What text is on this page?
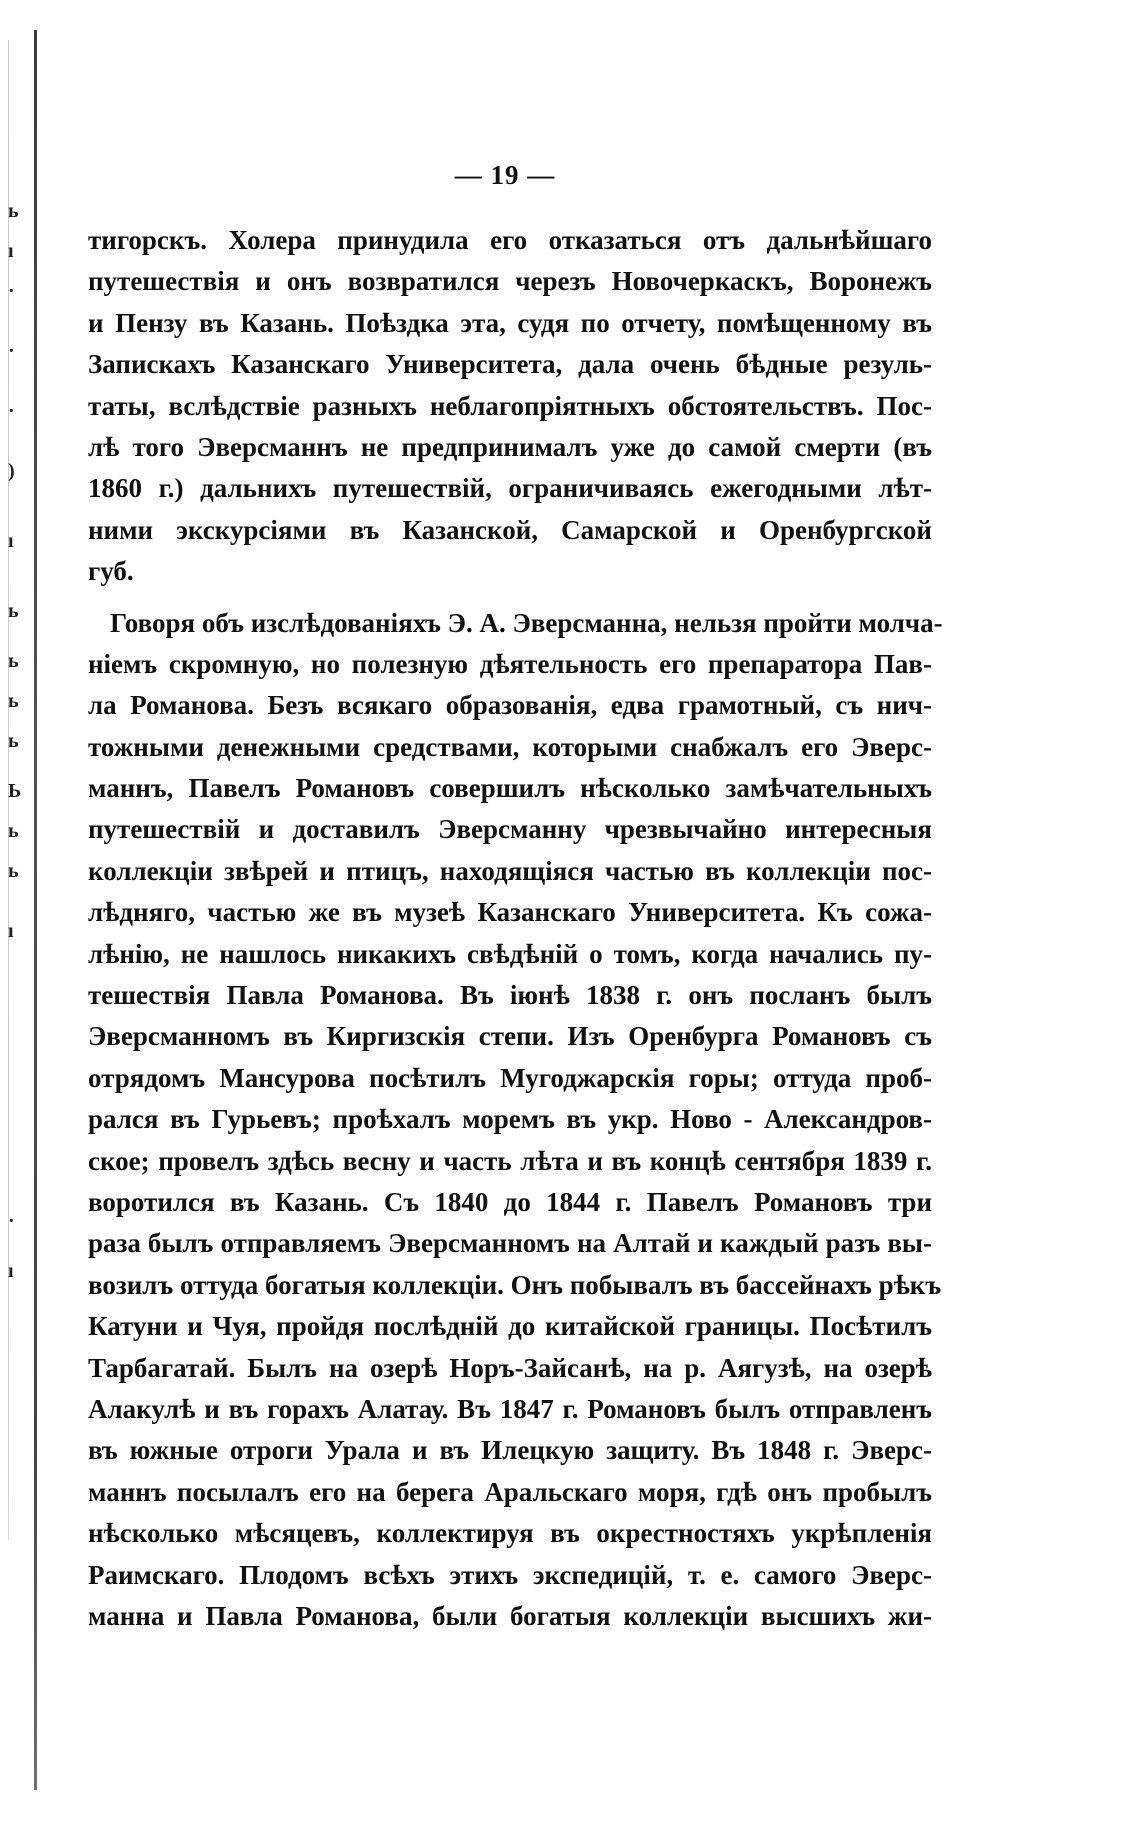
ь
ı
·
·
·
)
ı
ь
ь
ь
ь
Ь
ь
ь
ı
·
ı
— 19 —
тигорскъ. Холера принудила его отказаться отъ дальнѣйшаго
путешествія и онъ возвратился черезъ Новочеркаскъ, Воронежъ
и Пензу въ Казань. Поѣздка эта, судя по отчету, помѣщенному въ
Запискахъ Казанскаго Университета, дала очень бѣдные резуль-
таты, вслѣдствіе разныхъ неблагопріятныхъ обстоятельствъ. Пос-
лѣ того Эверсманнъ не предпринималъ уже до самой смерти (въ
1860 г.) дальнихъ путешествій, ограничиваясь ежегодными лѣт-
ними экскурсіями въ Казанской, Самарской и Оренбургской
губ.
Говоря объ изслѣдованіяхъ Э. А. Эверсманна, нельзя пройти молча-
ніемъ скромную, но полезную дѣятельность его препаратора Пав-
ла Романова. Безъ всякаго образованія, едва грамотный, съ нич-
тожными денежными средствами, которыми снабжалъ его Эверс-
маннъ, Павелъ Романовъ совершилъ нѣсколько замѣчательныхъ
путешествій и доставилъ Эверсманну чрезвычайно интересныя
коллекціи звѣрей и птицъ, находящіяся частью въ коллекціи пос-
лѣдняго, частью же въ музеѣ Казанскаго Университета. Къ сожа-
лѣнію, не нашлось никакихъ свѣдѣній о томъ, когда начались пу-
тешествія Павла Романова. Въ іюнѣ 1838 г. онъ посланъ былъ
Эверсманномъ въ Киргизскія степи. Изъ Оренбурга Романовъ съ
отрядомъ Мансурова посѣтилъ Мугоджарскія горы; оттуда проб-
рался въ Гурьевъ; проѣхалъ моремъ въ укр. Ново - Александров-
ское; провелъ здѣсь весну и часть лѣта и въ концѣ сентября 1839 г.
воротился въ Казань. Съ 1840 до 1844 г. Павелъ Романовъ три
раза былъ отправляемъ Эверсманномъ на Алтай и каждый разъ вы-
возилъ оттуда богатыя коллекціи. Онъ побывалъ въ бассейнахъ рѣкъ
Катуни и Чуя, пройдя послѣдній до китайской границы. Посѣтилъ
Тарбагатай. Былъ на озерѣ Норъ-Зайсанѣ, на р. Аягузѣ, на озерѣ
Алакулѣ и въ горахъ Алатау. Въ 1847 г. Романовъ былъ отправленъ
въ южные отроги Урала и въ Илецкую защиту. Въ 1848 г. Эверс-
маннъ посылалъ его на берега Аральскаго моря, гдѣ онъ пробылъ
нѣсколько мѣсяцевъ, коллектируя въ окрестностяхъ укрѣпленія
Раимскаго. Плодомъ всѣхъ этихъ экспедицій, т. е. самого Эверс-
манна и Павла Романова, были богатыя коллекціи высшихъ жи-
